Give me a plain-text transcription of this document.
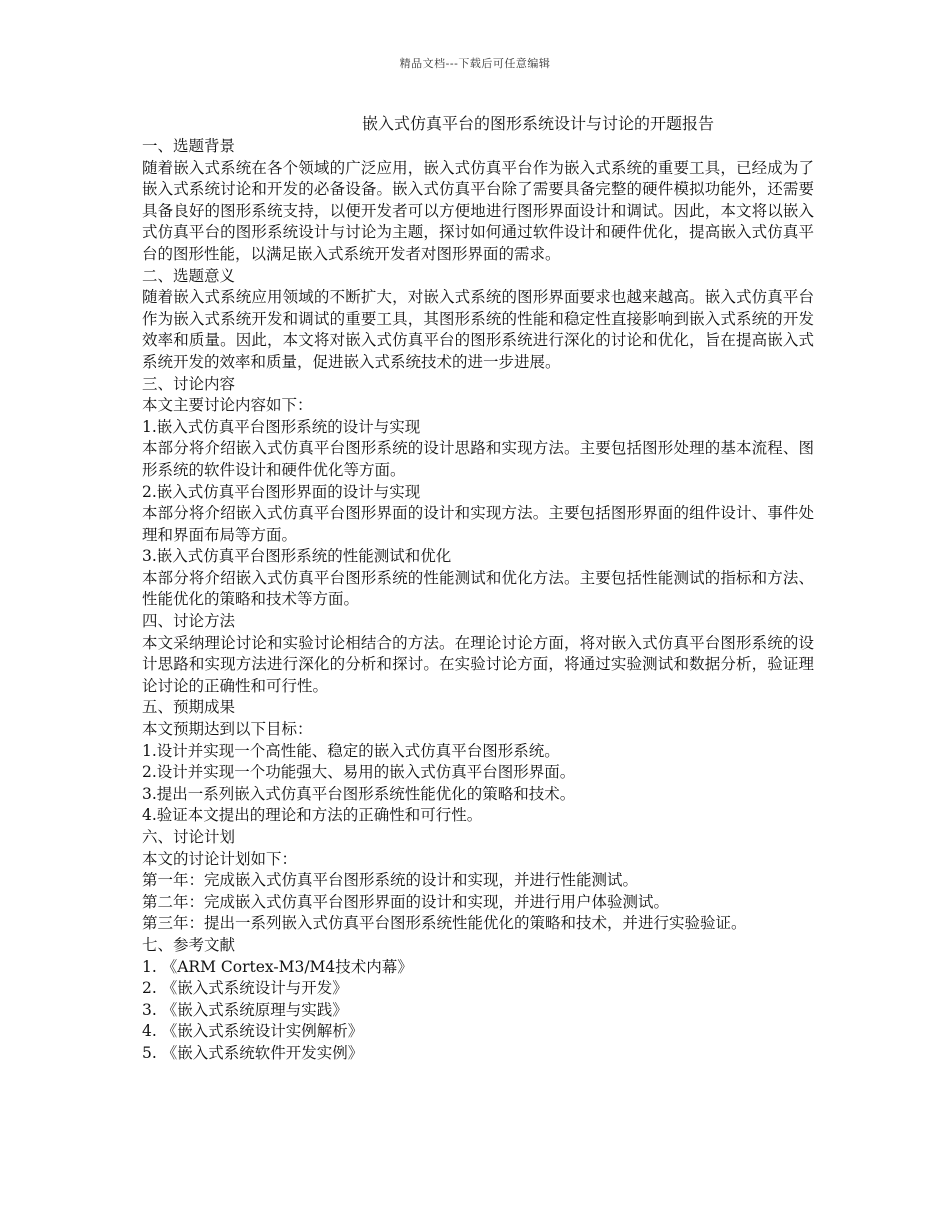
精品文档---下载后可任意编辑
嵌入式仿真平台的图形系统设计与讨论的开题报告
一、选题背景

随着嵌入式系统在各个领域的广泛应用，嵌入式仿真平台作为嵌入式系统的重要工具，已经成为了嵌入式系统讨论和开发的必备设备。嵌入式仿真平台除了需要具备完整的硬件模拟功能外，还需要具备良好的图形系统支持，以便开发者可以方便地进行图形界面设计和调试。因此，本文将以嵌入式仿真平台的图形系统设计与讨论为主题，探讨如何通过软件设计和硬件优化，提高嵌入式仿真平台的图形性能，以满足嵌入式系统开发者对图形界面的需求。

二、选题意义

随着嵌入式系统应用领域的不断扩大，对嵌入式系统的图形界面要求也越来越高。嵌入式仿真平台作为嵌入式系统开发和调试的重要工具，其图形系统的性能和稳定性直接影响到嵌入式系统的开发效率和质量。因此，本文将对嵌入式仿真平台的图形系统进行深化的讨论和优化，旨在提高嵌入式系统开发的效率和质量，促进嵌入式系统技术的进一步进展。

三、讨论内容
本文主要讨论内容如下：
1.嵌入式仿真平台图形系统的设计与实现

本部分将介绍嵌入式仿真平台图形系统的设计思路和实现方法。主要包括图形处理的基本流程、图形系统的软件设计和硬件优化等方面。

2.嵌入式仿真平台图形界面的设计与实现

本部分将介绍嵌入式仿真平台图形界面的设计和实现方法。主要包括图形界面的组件设计、事件处理和界面布局等方面。

3.嵌入式仿真平台图形系统的性能测试和优化

本部分将介绍嵌入式仿真平台图形系统的性能测试和优化方法。主要包括性能测试的指标和方法、性能优化的策略和技术等方面。

四、讨论方法

本文采纳理论讨论和实验讨论相结合的方法。在理论讨论方面，将对嵌入式仿真平台图形系统的设计思路和实现方法进行深化的分析和探讨。在实验讨论方面，将通过实验测试和数据分析，验证理论讨论的正确性和可行性。

五、预期成果
本文预期达到以下目标：
1.设计并实现一个高性能、稳定的嵌入式仿真平台图形系统。
2.设计并实现一个功能强大、易用的嵌入式仿真平台图形界面。
3.提出一系列嵌入式仿真平台图形系统性能优化的策略和技术。
4.验证本文提出的理论和方法的正确性和可行性。
六、讨论计划
本文的讨论计划如下：
第一年：完成嵌入式仿真平台图形系统的设计和实现，并进行性能测试。
第二年：完成嵌入式仿真平台图形界面的设计和实现，并进行用户体验测试。

第三年：提出一系列嵌入式仿真平台图形系统性能优化的策略和技术，并进行实验验证。

七、参考文献
1. 《ARM Cortex-M3/M4技术内幕》
2. 《嵌入式系统设计与开发》
3. 《嵌入式系统原理与实践》
4. 《嵌入式系统设计实例解析》
5. 《嵌入式系统软件开发实例》
